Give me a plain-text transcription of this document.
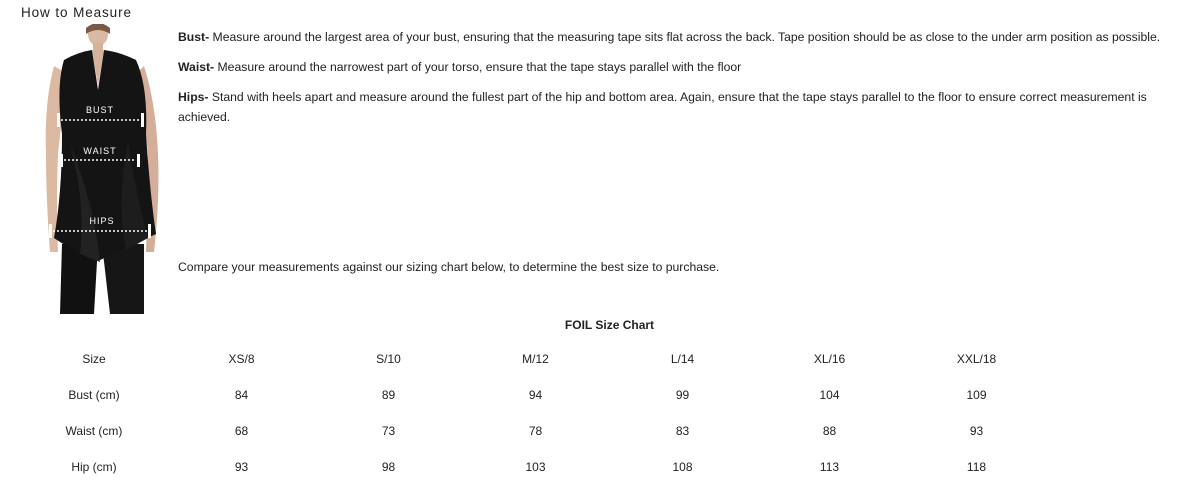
How to Measure
BUST
WAIST
HIPS

Bust- Measure around the largest area of your bust, ensuring that the measuring tape sits flat across the back. Tape position should be as close to the under arm position as possible.

Waist- Measure around the narrowest part of your torso, ensure that the tape stays parallel with the floor

Hips- Stand with heels apart and measure around the fullest part of the hip and bottom area. Again, ensure that the tape stays parallel to the floor to ensure correct measurement is achieved.

Compare your measurements against our sizing chart below, to determine the best size to purchase.
FOIL Size Chart
Size	XS/8	S/10	M/12	L/14	XL/16	XXL/18
Bust (cm)	84	89	94	99	104	109
Waist (cm)	68	73	78	83	88	93
Hip (cm)	93	98	103	108	113	118
